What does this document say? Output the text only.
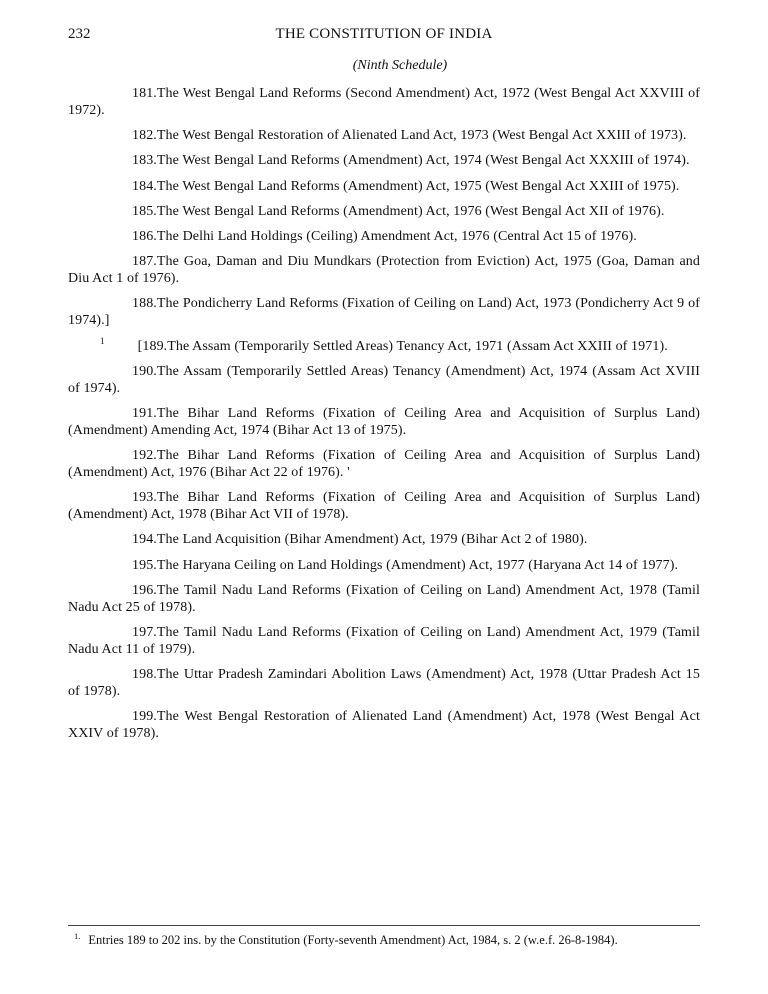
232	THE CONSTITUTION OF INDIA
(Ninth Schedule)

181.The West Bengal Land Reforms (Second Amendment) Act, 1972 (West Bengal Act XXVIII of 1972).

182.The West Bengal Restoration of Alienated Land Act, 1973 (West Bengal Act XXIII of 1973).

183.The West Bengal Land Reforms (Amendment) Act, 1974 (West Bengal Act XXXIII of 1974).

184.The West Bengal Land Reforms (Amendment) Act, 1975 (West Bengal Act XXIII of 1975).

185.The West Bengal Land Reforms (Amendment) Act, 1976 (West Bengal Act XII of 1976).

186.The Delhi Land Holdings (Ceiling) Amendment Act, 1976 (Central Act 15 of 1976).

187.The Goa, Daman and Diu Mundkars (Protection from Eviction) Act, 1975 (Goa, Daman and Diu Act 1 of 1976).

188.The Pondicherry Land Reforms (Fixation of Ceiling on Land) Act, 1973 (Pondicherry Act 9 of 1974).]

$^1$ [189.The Assam (Temporarily Settled Areas) Tenancy Act, 1971 (Assam Act XXIII of 1971).

190.The Assam (Temporarily Settled Areas) Tenancy (Amendment) Act, 1974 (Assam Act XVIII of 1974).

191.The Bihar Land Reforms (Fixation of Ceiling Area and Acquisition of Surplus Land) (Amendment) Amending Act, 1974 (Bihar Act 13 of 1975).

192.The Bihar Land Reforms (Fixation of Ceiling Area and Acquisition of Surplus Land) (Amendment) Act, 1976 (Bihar Act 22 of 1976). '

193.The Bihar Land Reforms (Fixation of Ceiling Area and Acquisition of Surplus Land) (Amendment) Act, 1978 (Bihar Act VII of 1978).

194.The Land Acquisition (Bihar Amendment) Act, 1979 (Bihar Act 2 of 1980).

195.The Haryana Ceiling on Land Holdings (Amendment) Act, 1977 (Haryana Act 14 of 1977).

196.The Tamil Nadu Land Reforms (Fixation of Ceiling on Land) Amendment Act, 1978 (Tamil Nadu Act 25 of 1978).

197.The Tamil Nadu Land Reforms (Fixation of Ceiling on Land) Amendment Act, 1979 (Tamil Nadu Act 11 of 1979).

198.The Uttar Pradesh Zamindari Abolition Laws (Amendment) Act, 1978 (Uttar Pradesh Act 15 of 1978).

199.The West Bengal Restoration of Alienated Land (Amendment) Act, 1978 (West Bengal Act XXIV of 1978).

$^{1.}$ Entries 189 to 202 ins. by the Constitution (Forty-seventh Amendment) Act, 1984, s. 2 (w.e.f. 26-8-1984).
